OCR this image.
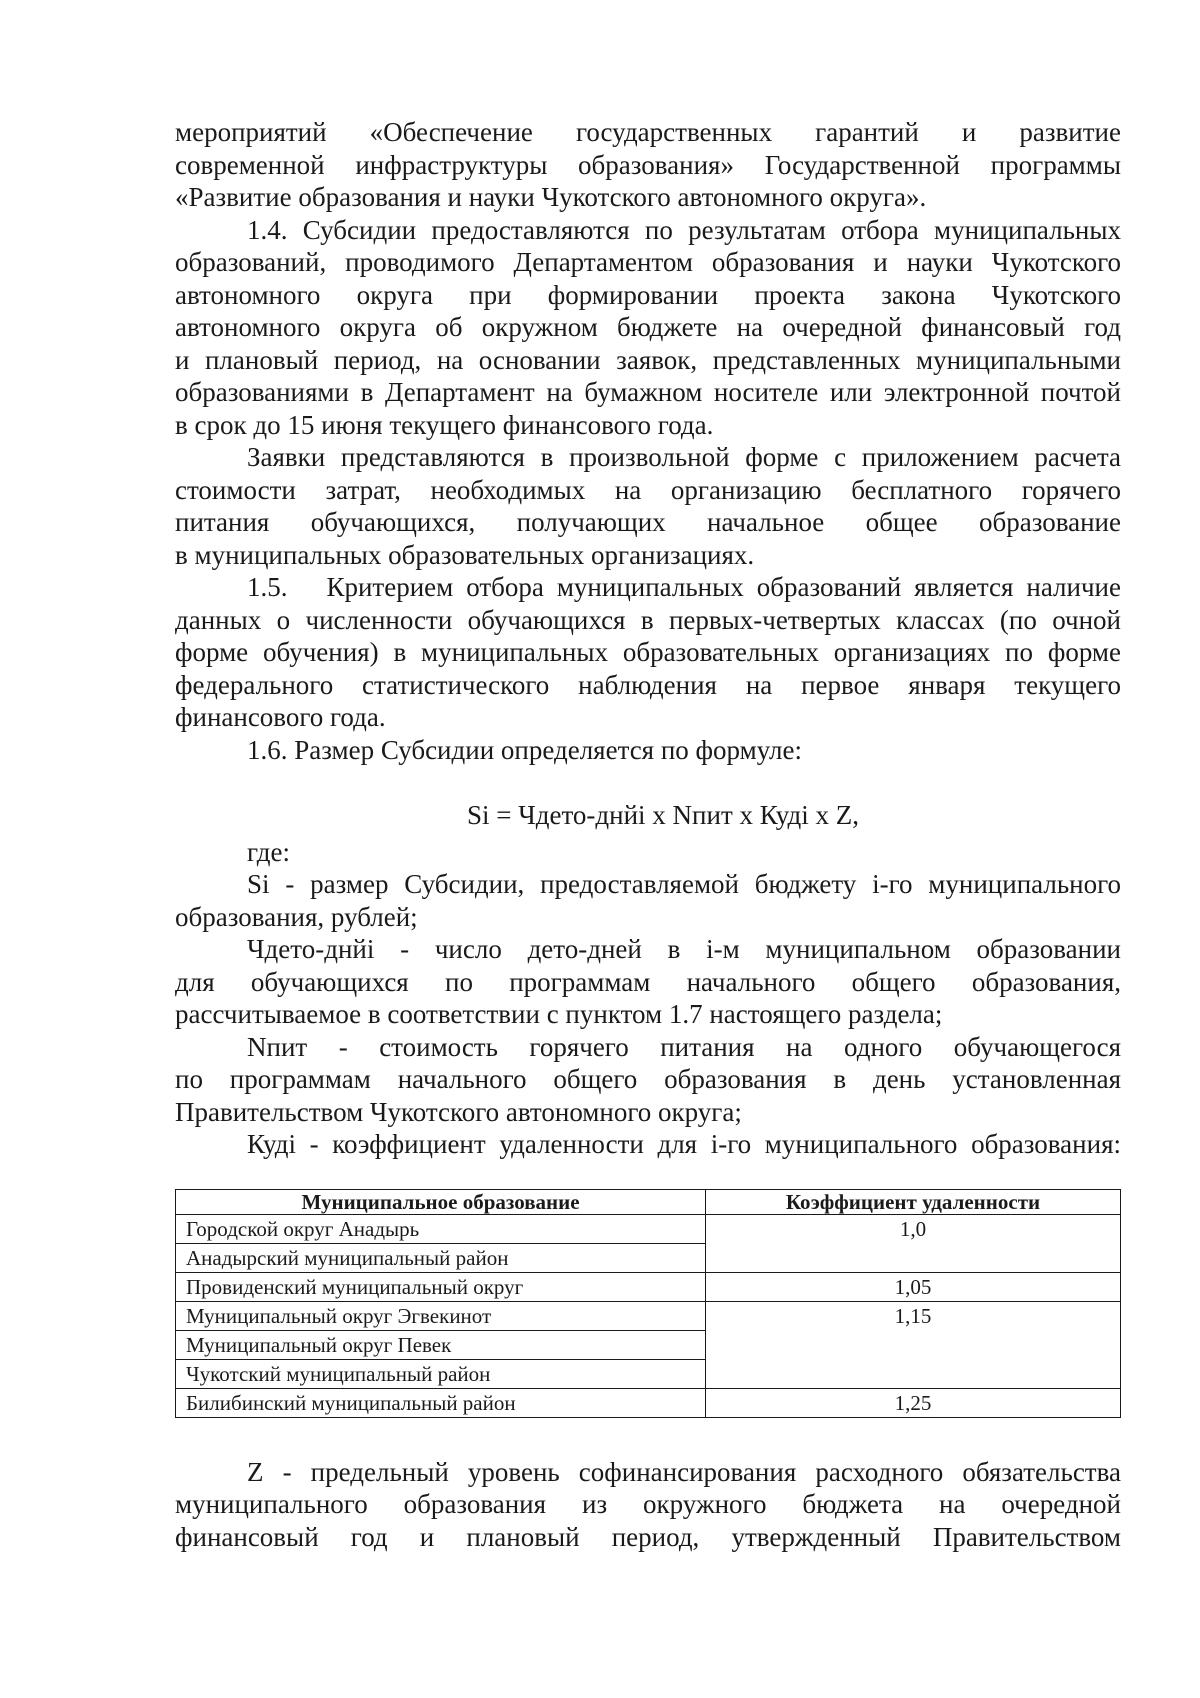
мероприятий «Обеспечение государственных гарантий и развитие
современной инфраструктуры образования» Государственной программы
«Развитие образования и науки Чукотского автономного округа».
1.4. Субсидии предоставляются по результатам отбора муниципальных
образований, проводимого Департаментом образования и науки Чукотского
автономного округа при формировании проекта закона Чукотского
автономного округа об окружном бюджете на очередной финансовый год
и плановый период, на основании заявок, представленных муниципальными
образованиями в Департамент на бумажном носителе или электронной почтой
в срок до 15 июня текущего финансового года.
Заявки представляются в произвольной форме с приложением расчета
стоимости затрат, необходимых на организацию бесплатного горячего
питания обучающихся, получающих начальное общее образование
в муниципальных образовательных организациях.
1.5.   Критерием отбора муниципальных образований является наличие
данных о численности обучающихся в первых-четвертых классах (по очной
форме обучения) в муниципальных образовательных организациях по форме
федерального статистического наблюдения на первое января текущего
финансового года.
1.6. Размер Субсидии определяется по формуле:
Si = Чдето-днйi x Nпит x Кудi x Z,
где:
Si - размер Субсидии, предоставляемой бюджету i-го муниципального
образования, рублей;
Чдето-днйi - число дето-дней в i-м муниципальном образовании
для обучающихся по программам начального общего образования,
рассчитываемое в соответствии с пунктом 1.7 настоящего раздела;
Nпит - стоимость горячего питания на одного обучающегося
по программам начального общего образования в день установленная
Правительством Чукотского автономного округа;
Кудi - коэффициент удаленности для i-го муниципального образования:
Муниципальное образование	Коэффициент удаленности
Городской округ Анадырь	1,0
Анадырский муниципальный район	
Провиденский муниципальный округ	1,05
Муниципальный округ Эгвекинот	1,15
Муниципальный округ Певек	
Чукотский муниципальный район	
Билибинский муниципальный район	1,25
Z - предельный уровень софинансирования расходного обязательства
муниципального образования из окружного бюджета на очередной
финансовый год и плановый период, утвержденный Правительством
